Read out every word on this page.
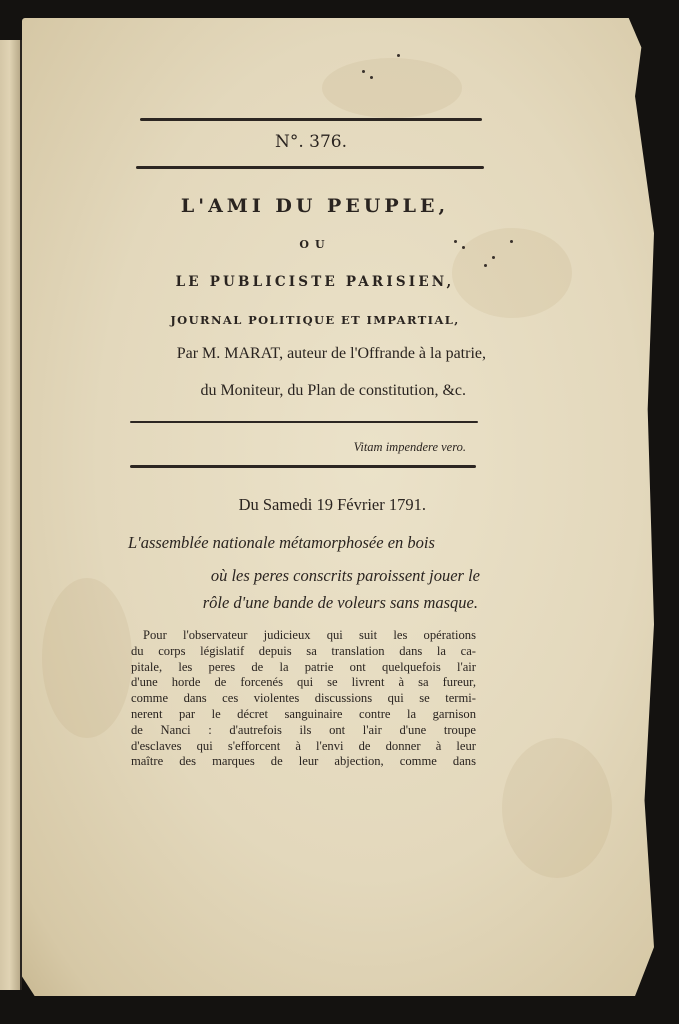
N°. 376.
L'AMI DU PEUPLE,
OU
LE PUBLICISTE PARISIEN,
JOURNAL POLITIQUE ET IMPARTIAL,
Par M. MARAT, auteur de l'Offrande à la patrie,
du Moniteur, du Plan de constitution, &c.
Vitam impendere vero.
Du Samedi 19 Février 1791.
L'assemblée nationale métamorphosée en bois
où les peres conscrits paroissent jouer le
rôle d'une bande de voleurs sans masque.
Pour l'observateur judicieux qui suit les opérations
du corps législatif depuis sa translation dans la ca-
pitale, les peres de la patrie ont quelquefois l'air
d'une horde de forcenés qui se livrent à sa fureur,
comme dans ces violentes discussions qui se termi-
nerent par le décret sanguinaire contre la garnison
de Nanci : d'autrefois ils ont l'air d'une troupe
d'esclaves qui s'efforcent à l'envi de donner à leur
maître des marques de leur abjection, comme dans
